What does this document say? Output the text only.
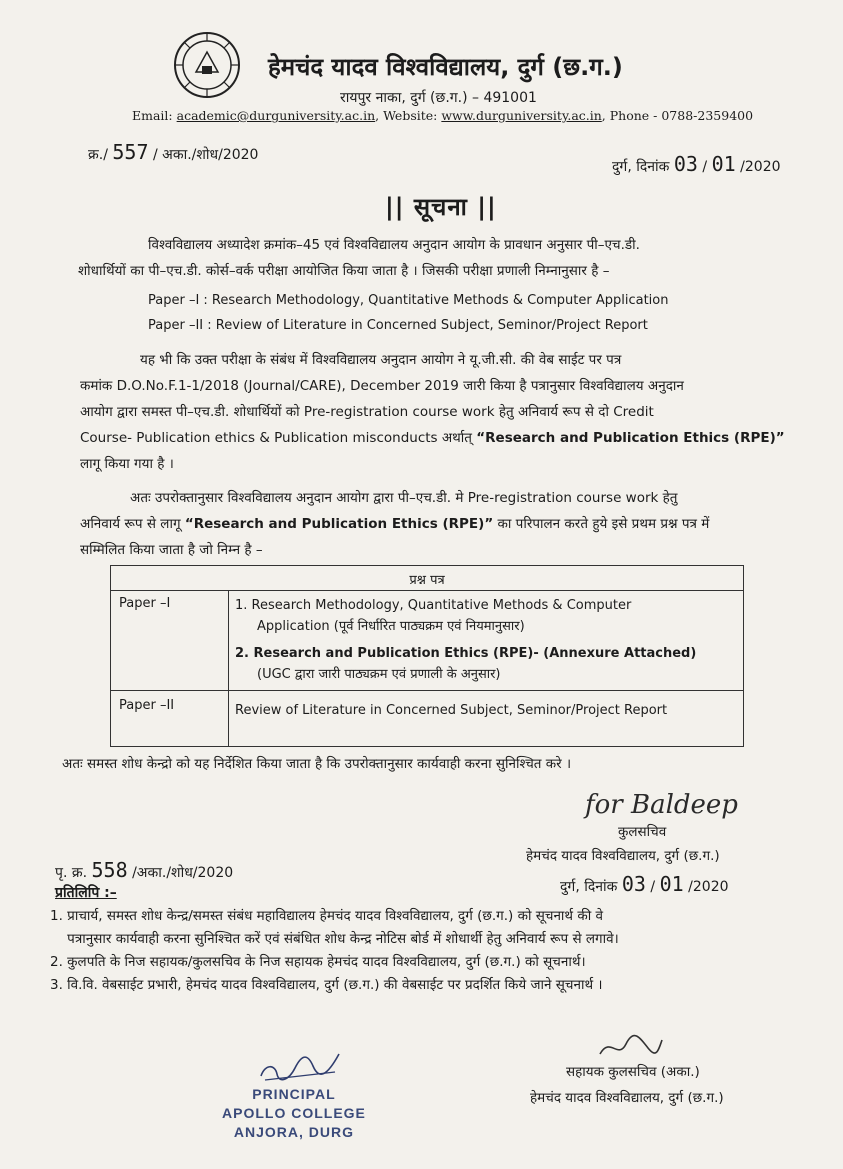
हेमचंद यादव विश्वविद्यालय, दुर्ग (छ.ग.)
रायपुर नाका, दुर्ग (छ.ग.) – 491001
Email: academic@durguniversity.ac.in, Website: www.durguniversity.ac.in, Phone - 0788-2359400
क्र./ 557 / अका./शोध/2020
दुर्ग, दिनांक 03 / 01 /2020
|| सूचना ||
विश्वविद्यालय अध्यादेश क्रमांक–45 एवं विश्वविद्यालय अनुदान आयोग के प्रावधान अनुसार पी–एच.डी.
शोधार्थियों का पी–एच.डी. कोर्स–वर्क परीक्षा आयोजित किया जाता है । जिसकी परीक्षा प्रणाली निम्नानुसार है –
Paper –I : Research Methodology, Quantitative Methods & Computer Application
Paper –II : Review of Literature in Concerned Subject, Seminor/Project Report
यह भी कि उक्त परीक्षा के संबंध में विश्वविद्यालय अनुदान आयोग ने यू.जी.सी. की वेब साईट पर पत्र
कमांक D.O.No.F.1-1/2018 (Journal/CARE), December 2019 जारी किया है पत्रानुसार विश्वविद्यालय अनुदान
आयोग द्वारा समस्त पी–एच.डी. शोधार्थियों को Pre-registration course work हेतु अनिवार्य रूप से दो Credit
Course- Publication ethics & Publication misconducts अर्थात् “Research and Publication Ethics (RPE)”
लागू किया गया है ।
अतः उपरोक्तानुसार विश्वविद्यालय अनुदान आयोग द्वारा पी–एच.डी. मे Pre-registration course work हेतु
अनिवार्य रूप से लागू “Research and Publication Ethics (RPE)” का परिपालन करते हुये इसे प्रथम प्रश्न पत्र में
सम्मिलित किया जाता है जो निम्न है –
प्रश्न पत्र
Paper –I	1. Research Methodology, Quantitative Methods & Computer
Application (पूर्व निर्धारित पाठ्यक्रम एवं नियमानुसार)
2. Research and Publication Ethics (RPE)- (Annexure Attached)
(UGC द्वारा जारी पाठ्यक्रम एवं प्रणाली के अनुसार)
Paper –II	Review of Literature in Concerned Subject, Seminor/Project Report
अतः समस्त शोध केन्द्रो को यह निर्देशित किया जाता है कि उपरोक्तानुसार कार्यवाही करना सुनिश्चित करे ।
for Baldeep
कुलसचिव
हेमचंद यादव विश्वविद्यालय, दुर्ग (छ.ग.)
पृ. क्र. 558 /अका./शोध/2020
दुर्ग, दिनांक 03 / 01 /2020
प्रतिलिपि :–
1. प्राचार्य, समस्त शोध केन्द्र/समस्त संबंध महाविद्यालय हेमचंद यादव विश्वविद्यालय, दुर्ग (छ.ग.) को सूचनार्थ की वे
पत्रानुसार कार्यवाही करना सुनिश्चित करें एवं संबंधित शोध केन्द्र नोटिस बोर्ड में शोधार्थी हेतु अनिवार्य रूप से लगावे।
2. कुलपति के निज सहायक/कुलसचिव के निज सहायक हेमचंद यादव विश्वविद्यालय, दुर्ग (छ.ग.) को सूचनार्थ।
3. वि.वि. वेबसाईट प्रभारी, हेमचंद यादव विश्वविद्यालय, दुर्ग (छ.ग.) की वेबसाईट पर प्रदर्शित किये जाने सूचनार्थ ।
सहायक कुलसचिव (अका.)
हेमचंद यादव विश्वविद्यालय, दुर्ग (छ.ग.)
PRINCIPAL
APOLLO COLLEGE
ANJORA, DURG
